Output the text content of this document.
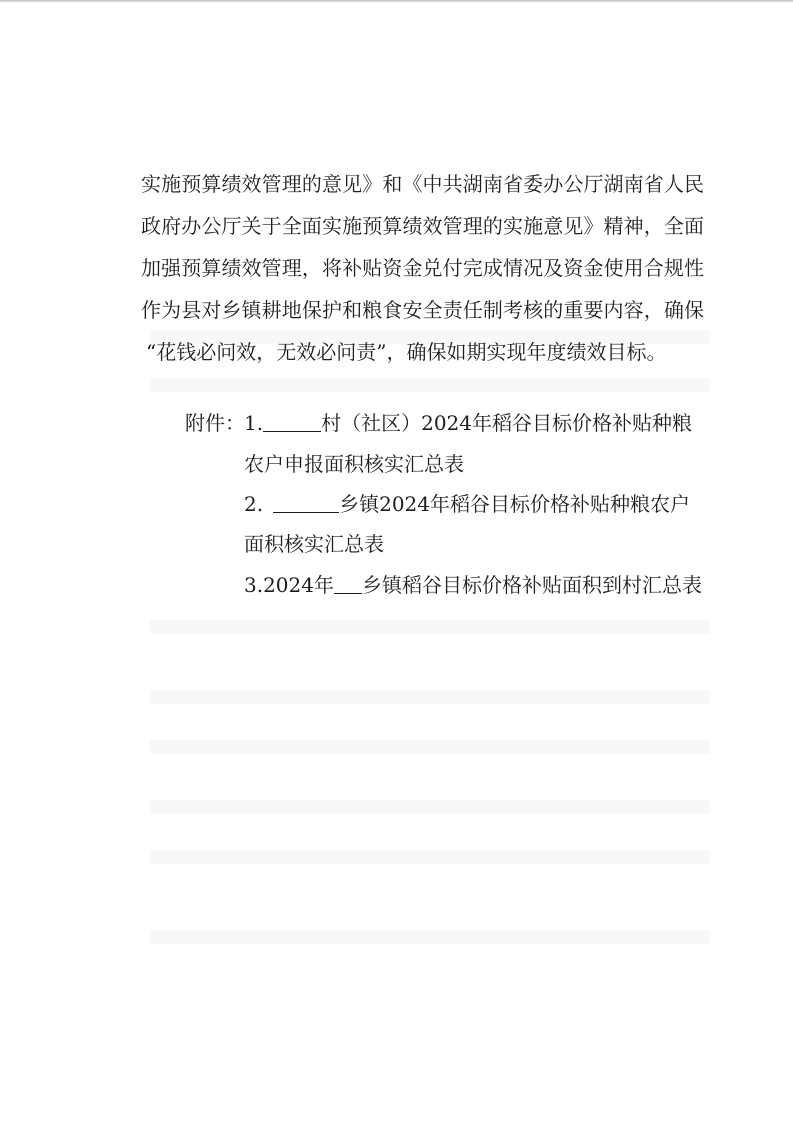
实施预算绩效管理的意见》和《中共湖南省委办公厅湖南省人民
政府办公厅关于全面实施预算绩效管理的实施意见》精神，全面
加强预算绩效管理，将补贴资金兑付完成情况及资金使用合规性
作为县对乡镇耕地保护和粮食安全责任制考核的重要内容，确保
“花钱必问效，无效必问责”，确保如期实现年度绩效目标。
附件： 1.	村（社区）2024年稻谷目标价格补贴种粮
农户申报面积核实汇总表
2.	乡镇2024年稻谷目标价格补贴种粮农户
面积核实汇总表
3.2024年 乡镇稻谷目标价格补贴面积到村汇总表
